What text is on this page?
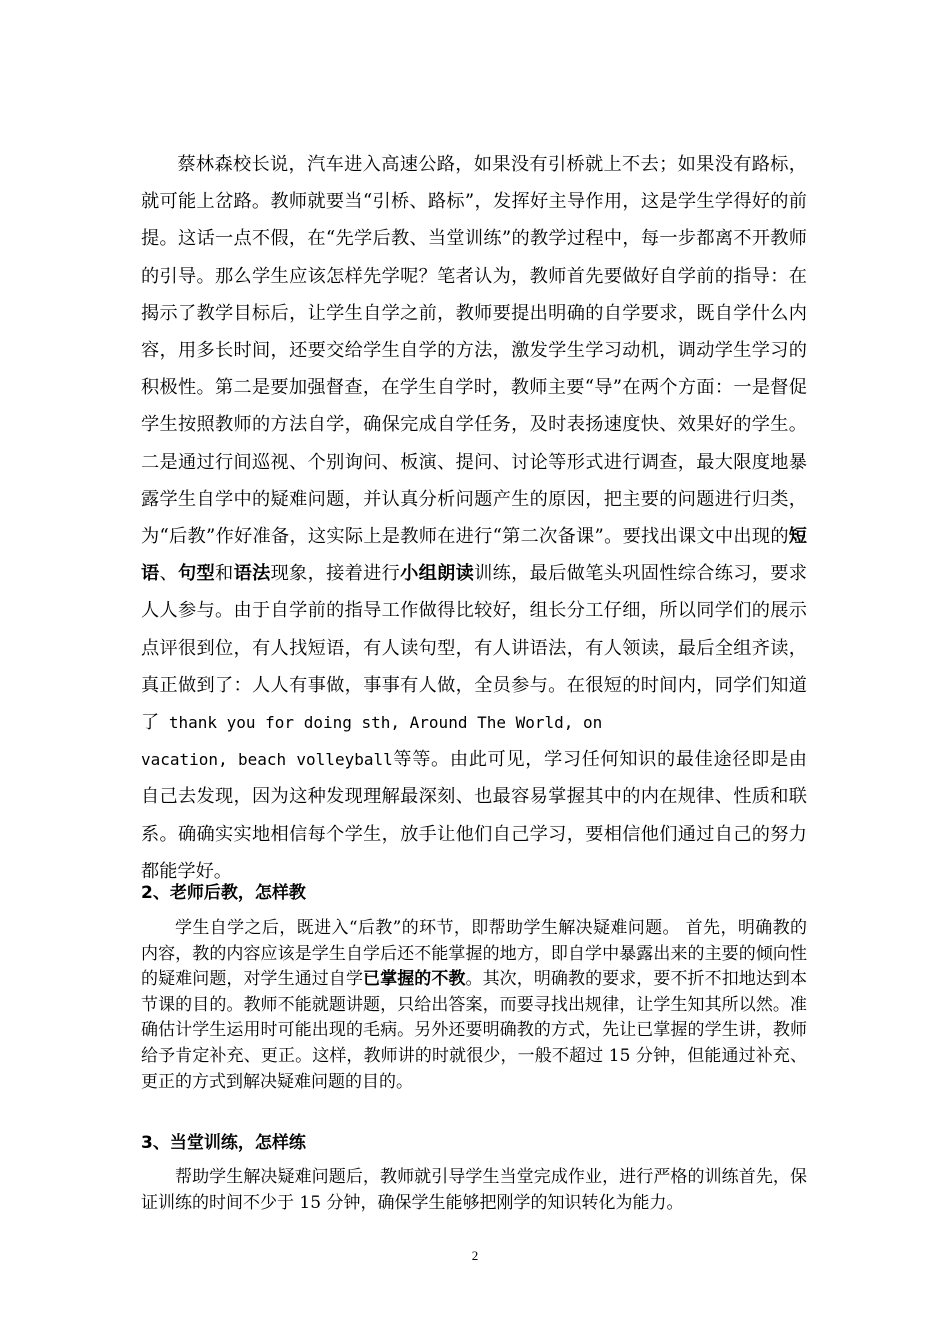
蔡林森校长说，汽车进入高速公路，如果没有引桥就上不去；如果没有路标，就可能上岔路。教师就要当“引桥、路标”，发挥好主导作用，这是学生学得好的前提。这话一点不假，在“先学后教、当堂训练”的教学过程中，每一步都离不开教师的引导。那么学生应该怎样先学呢？笔者认为，教师首先要做好自学前的指导：在揭示了教学目标后，让学生自学之前，教师要提出明确的自学要求，既自学什么内容，用多长时间，还要交给学生自学的方法，激发学生学习动机，调动学生学习的积极性。第二是要加强督查，在学生自学时，教师主要“导”在两个方面：一是督促学生按照教师的方法自学，确保完成自学任务，及时表扬速度快、效果好的学生。二是通过行间巡视、个别询问、板演、提问、讨论等形式进行调查，最大限度地暴露学生自学中的疑难问题，并认真分析问题产生的原因，把主要的问题进行归类，为“后教”作好准备，这实际上是教师在进行“第二次备课”。要找出课文中出现的短语、句型和语法现象，接着进行小组朗读训练，最后做笔头巩固性综合练习，要求人人参与。由于自学前的指导工作做得比较好，组长分工仔细，所以同学们的展示点评很到位，有人找短语，有人读句型，有人讲语法，有人领读，最后全组齐读，真正做到了：人人有事做，事事有人做，全员参与。在很短的时间内，同学们知道了 thank you for doing sth, Around The World, on
vacation, beach volleyball等等。由此可见，学习任何知识的最佳途径即是由自己去发现，因为这种发现理解最深刻、也最容易掌握其中的内在规律、性质和联系。确确实实地相信每个学生，放手让他们自己学习，要相信他们通过自己的努力都能学好。

2、老师后教，怎样教

学生自学之后，既进入“后教”的环节，即帮助学生解决疑难问题。 首先，明确教的内容，教的内容应该是学生自学后还不能掌握的地方，即自学中暴露出来的主要的倾向性的疑难问题，对学生通过自学已掌握的不教。其次，明确教的要求，要不折不扣地达到本节课的目的。教师不能就题讲题，只给出答案，而要寻找出规律，让学生知其所以然。准确估计学生运用时可能出现的毛病。另外还要明确教的方式，先让已掌握的学生讲，教师给予肯定补充、更正。这样，教师讲的时就很少，一般不超过 15 分钟，但能通过补充、更正的方式到解决疑难问题的目的。

3、当堂训练，怎样练

帮助学生解决疑难问题后，教师就引导学生当堂完成作业，进行严格的训练首先，保证训练的时间不少于 15 分钟，确保学生能够把刚学的知识转化为能力。

2
